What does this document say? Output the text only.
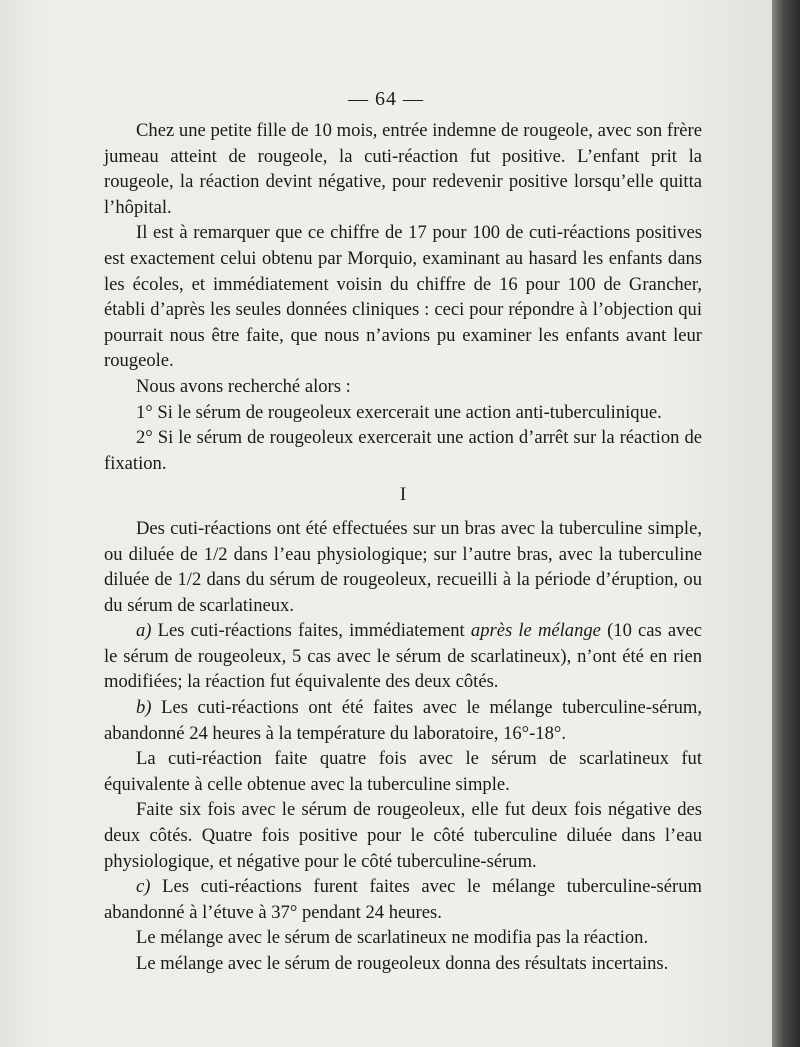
— 64 —

Chez une petite fille de 10 mois, entrée indemne de rougeole, avec son frère jumeau atteint de rougeole, la cuti-réaction fut positive. L’enfant prit la rougeole, la réaction devint négative, pour redevenir positive lorsqu’elle quitta l’hôpital.

Il est à remarquer que ce chiffre de 17 pour 100 de cuti-réactions positives est exactement celui obtenu par Morquio, examinant au hasard les enfants dans les écoles, et immédiatement voisin du chiffre de 16 pour 100 de Grancher, établi d’après les seules données cliniques : ceci pour répondre à l’objection qui pourrait nous être faite, que nous n’avions pu examiner les enfants avant leur rougeole.

Nous avons recherché alors :

1° Si le sérum de rougeoleux exercerait une action anti-tuberculinique.

2° Si le sérum de rougeoleux exercerait une action d’arrêt sur la réaction de fixation.

I

Des cuti-réactions ont été effectuées sur un bras avec la tuberculine simple, ou diluée de 1/2 dans l’eau physiologique; sur l’autre bras, avec la tuberculine diluée de 1/2 dans du sérum de rougeoleux, recueilli à la période d’éruption, ou du sérum de scarlatineux.

a) Les cuti-réactions faites, immédiatement après le mélange (10 cas avec le sérum de rougeoleux, 5 cas avec le sérum de scarlatineux), n’ont été en rien modifiées; la réaction fut équivalente des deux côtés.

b) Les cuti-réactions ont été faites avec le mélange tuberculine-sérum, abandonné 24 heures à la température du laboratoire, 16°-18°.

La cuti-réaction faite quatre fois avec le sérum de scarlatineux fut équivalente à celle obtenue avec la tuberculine simple.

Faite six fois avec le sérum de rougeoleux, elle fut deux fois négative des deux côtés. Quatre fois positive pour le côté tuberculine diluée dans l’eau physiologique, et négative pour le côté tuberculine-sérum.

c) Les cuti-réactions furent faites avec le mélange tuberculine-sérum abandonné à l’étuve à 37° pendant 24 heures.

Le mélange avec le sérum de scarlatineux ne modifia pas la réaction.

Le mélange avec le sérum de rougeoleux donna des résultats incertains.
